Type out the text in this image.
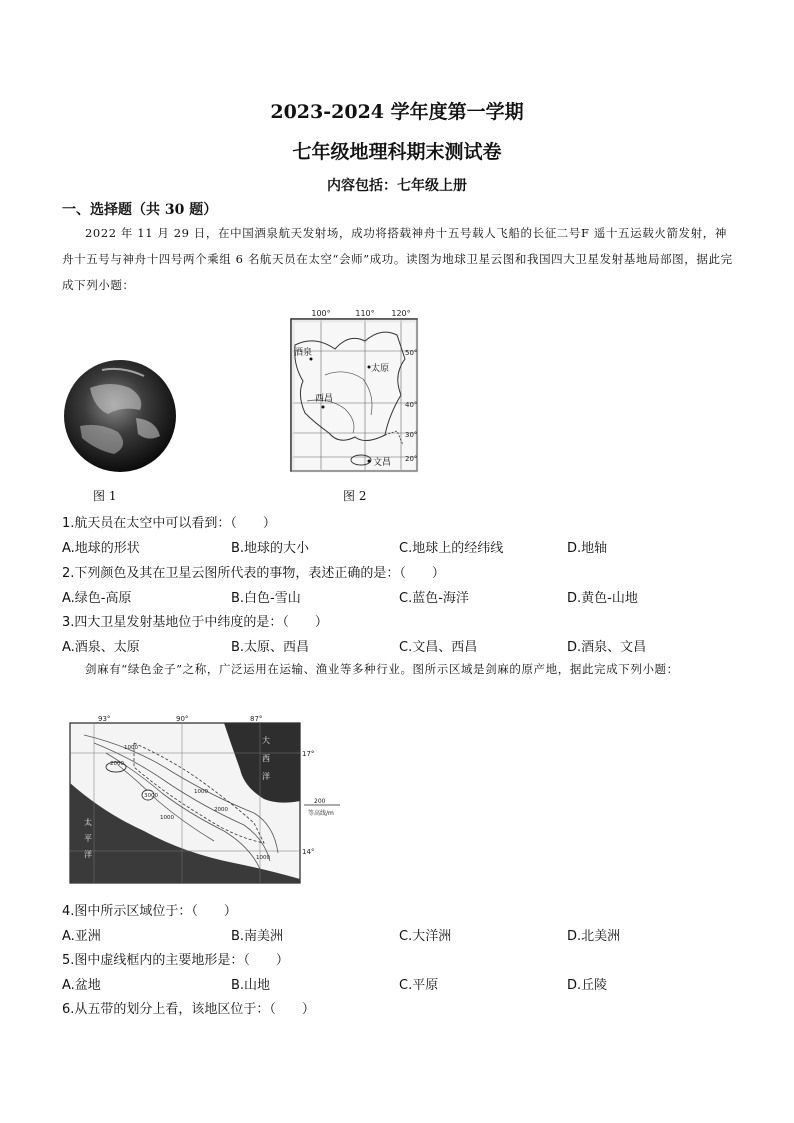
2023-2024 学年度第一学期
七年级地理科期末测试卷
内容包括：七年级上册
一、选择题（共 30 题）
2022 年 11 月 29 日，在中国酒泉航天发射场，成功将搭载神舟十五号载人飞船的长征二号F 遥十五运载火箭发射，神舟十五号与神舟十四号两个乘组 6 名航天员在太空“会师”成功。读图为地球卫星云图和我国四大卫星发射基地局部图，据此完成下列小题：
图 1
100°	110° 120°
50°
40°
30°
20°
酒泉
太原
西昌
文昌
图 2
1.航天员在太空中可以看到：（　　）
A.地球的形状	B.地球的大小	C.地球上的经纬线	D.地轴
2.下列颜色及其在卫星云图所代表的事物，表述正确的是：（　　）
A.绿色-高原	B.白色-雪山	C.蓝色-海洋	D.黄色-山地
3.四大卫星发射基地位于中纬度的是：（　　）
A.酒泉、太原	B.太原、西昌	C.文昌、西昌	D.酒泉、文昌
剑麻有“绿色金子”之称，广泛运用在运输、渔业等多种行业。图所示区域是剑麻的原产地，据此完成下列小题：
93°	90°	87°
17°
14°
1000
2000
3000
1000
1000
2000
1000
太
平
洋
大
西
洋
200
等高线/m
4.图中所示区域位于：（　　）
A.亚洲	B.南美洲	C.大洋洲	D.北美洲
5.图中虚线框内的主要地形是：（　　）
A.盆地	B.山地	C.平原	D.丘陵
6.从五带的划分上看，该地区位于：（　　）
